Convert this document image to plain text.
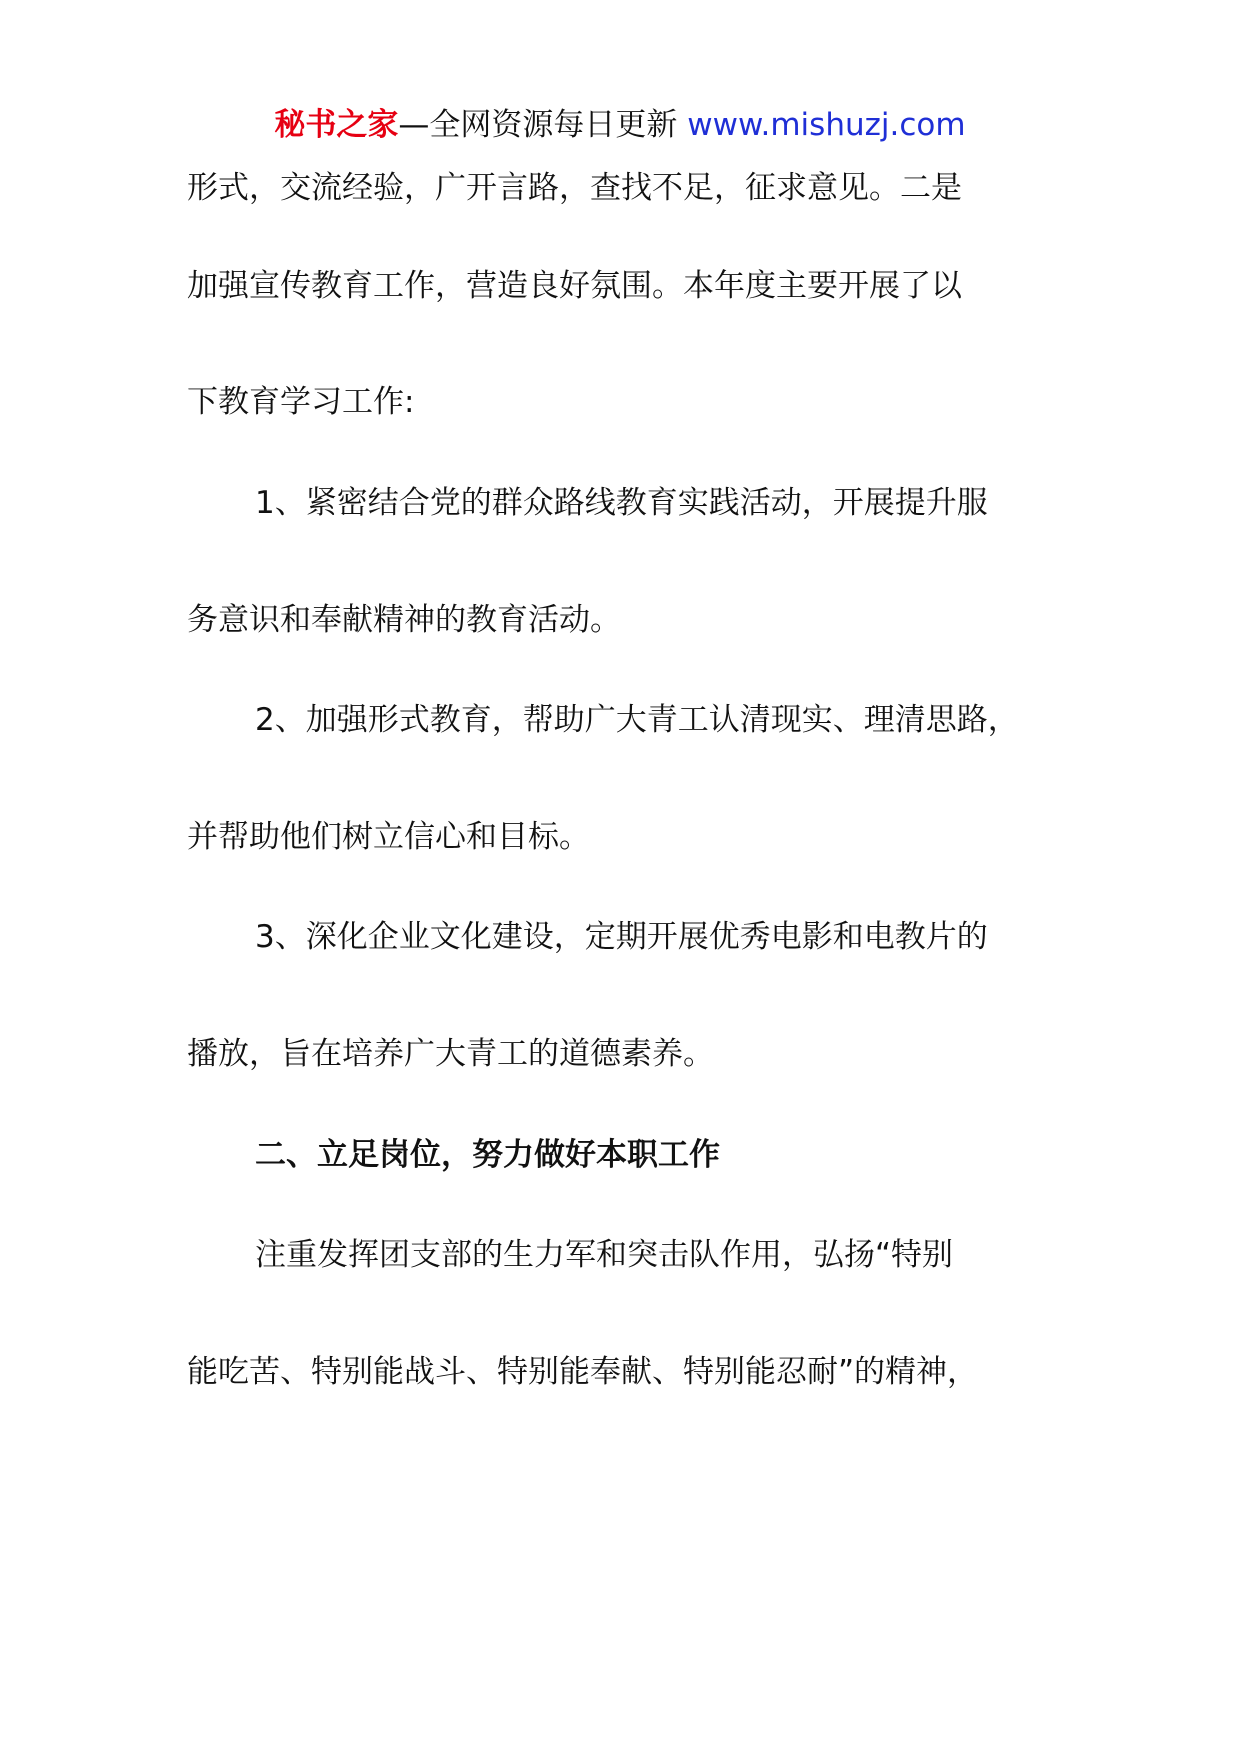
秘书之家—全网资源每日更新 www.mishuzj.com
形式，交流经验，广开言路，查找不足，征求意见。二是
加强宣传教育工作，营造良好氛围。本年度主要开展了以
下教育学习工作:
1、紧密结合党的群众路线教育实践活动，开展提升服
务意识和奉献精神的教育活动。
2、加强形式教育，帮助广大青工认清现实、理清思路，
并帮助他们树立信心和目标。
3、深化企业文化建设，定期开展优秀电影和电教片的
播放，旨在培养广大青工的道德素养。
二、立足岗位，努力做好本职工作
注重发挥团支部的生力军和突击队作用，弘扬“特别
能吃苦、特别能战斗、特别能奉献、特别能忍耐”的精神，
